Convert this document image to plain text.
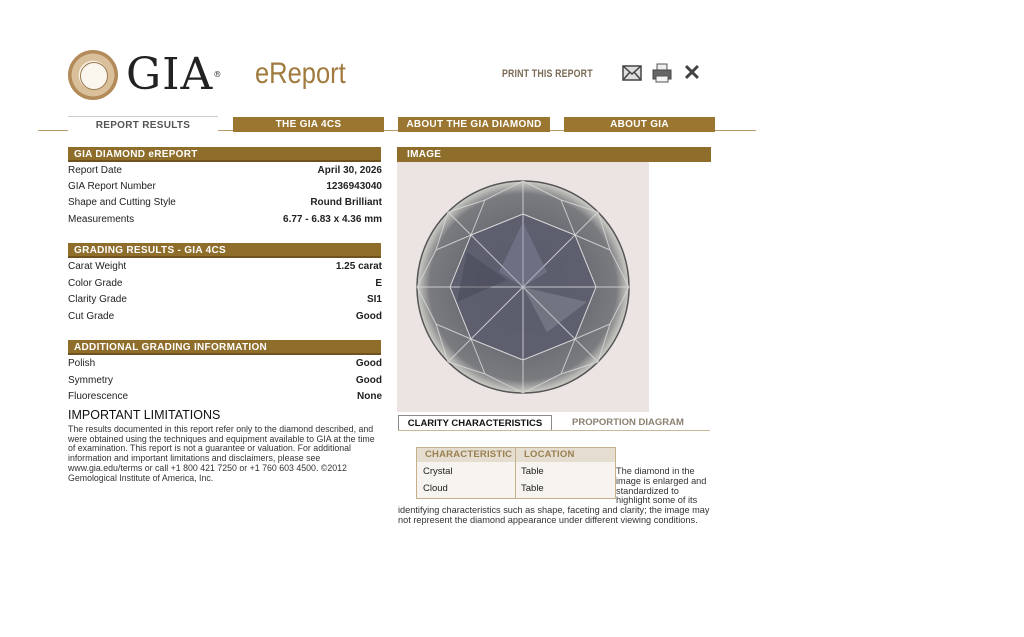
GIA® eReport	PRINT THIS REPORT	✕
REPORT RESULTS	THE GIA 4CS	ABOUT THE GIA DIAMOND eREPORT
ABOUT GIA
GIA DIAMOND eREPORT
Report Date	April 30, 2026
GIA Report Number	1236943040
Shape and Cutting Style	Round Brilliant
Measurements	6.77 - 6.83 x 4.36 mm
GRADING RESULTS - GIA 4CS
Carat Weight	1.25 carat
Color Grade	E
Clarity Grade	SI1
Cut Grade	Good
ADDITIONAL GRADING INFORMATION
Polish	Good
Symmetry	Good
Fluorescence	None
IMPORTANT LIMITATIONS
The results documented in this report refer only to the diamond described, and were obtained using the techniques and equipment available to GIA at the time of examination. This report is not a guarantee or valuation. For additional information and important limitations and disclaimers, please see www.gia.edu/terms or call +1 800 421 7250 or +1 760 603 4500. ©2012 Gemological Institute of America, Inc.
IMAGE
CLARITY CHARACTERISTICS	PROPORTION DIAGRAM
CHARACTERISTIC	LOCATION
Crystal	Table
Cloud	Table
The diamond in the image is enlarged and standardized to highlight some of its identifying characteristics such as shape, faceting and clarity; the image may not represent the diamond appearance under different viewing conditions.
